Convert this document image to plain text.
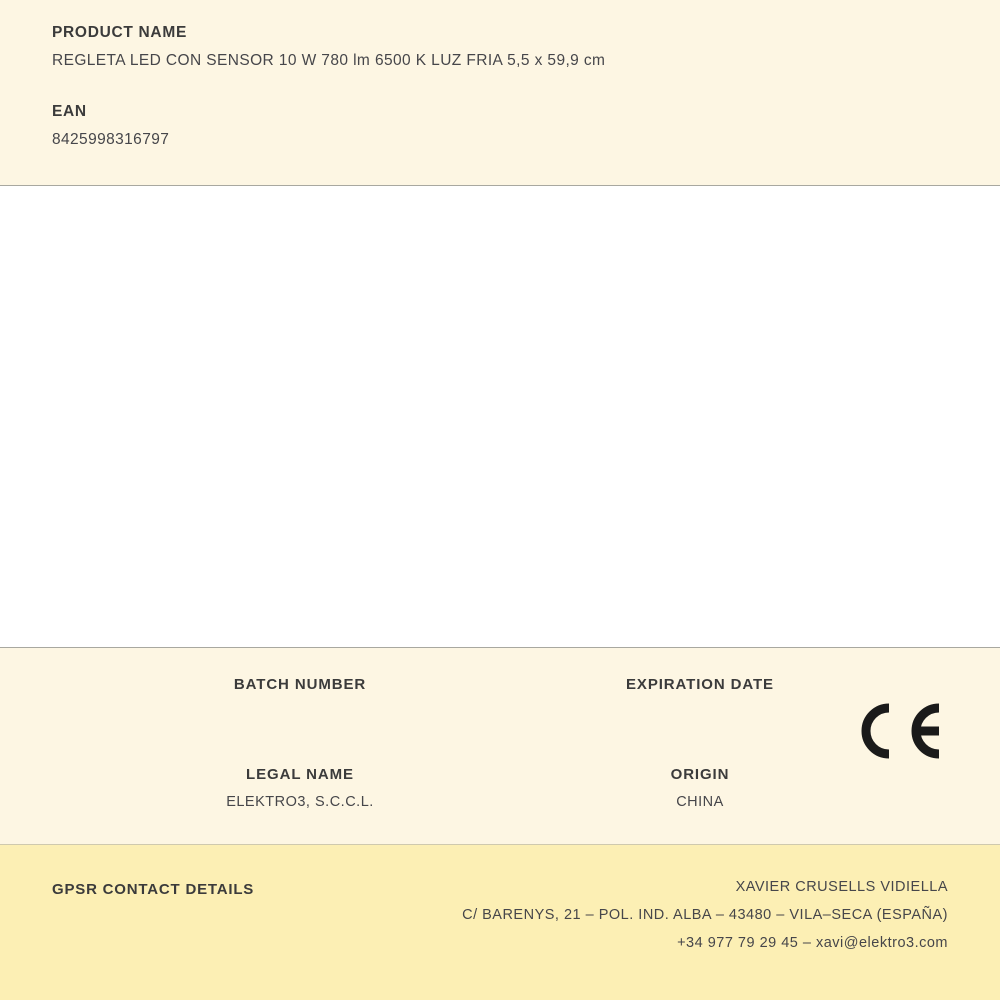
PRODUCT NAME

REGLETA LED CON SENSOR 10 W 780 lm 6500 K LUZ FRIA 5,5 x 59,9 cm

EAN

8425998316797

BATCH NUMBER	EXPIRATION DATE

LEGAL NAME

ELEKTRO3, S.C.C.L.

ORIGIN

CHINA

GPSR CONTACT DETAILS	XAVIER CRUSELLS VIDIELLA

C/ BARENYS, 21 – POL. IND. ALBA – 43480 – VILA–SECA (ESPAÑA)

+34 977 79 29 45 – xavi@elektro3.com
